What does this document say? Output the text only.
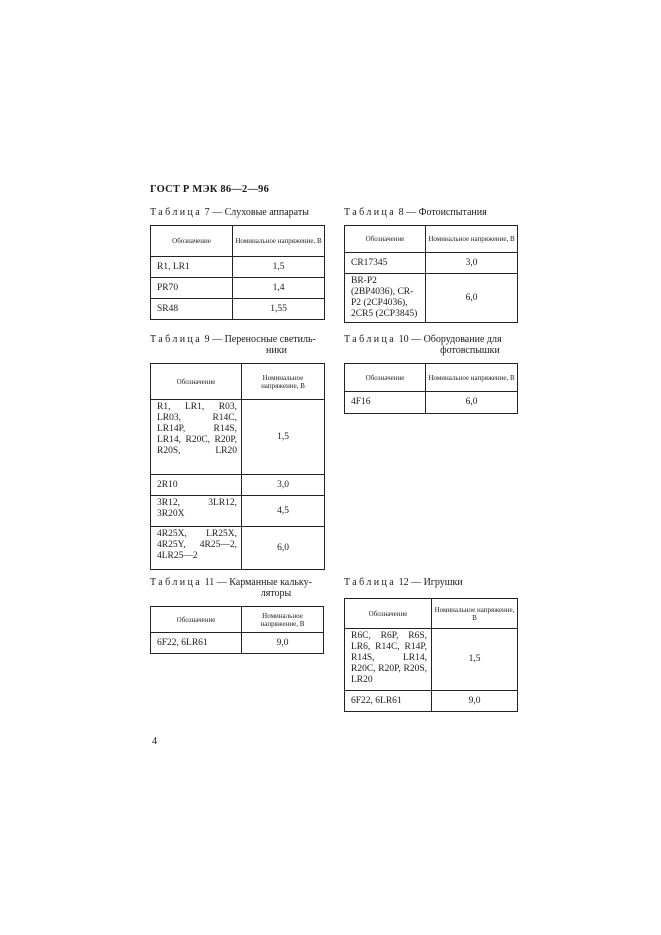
ГОСТ Р МЭК 86—2—96
Таблица 7 — Слуховые аппараты
Обозначение	Номинальное напряжение, В
R1, LR1	1,5
PR70	1,4
SR48	1,55
Таблица 8 — Фотоиспытания
Обозначение	Номинальное напряжение, В
CR17345	3,0
BR-P2 (2BP4036), CR-P2 (2CP4036), 2CR5 (2CP3845)	6,0
Таблица 9 — Переносные светиль-
ники
Обозначение	Номинальное напряжение, В
R1, LR1, R03, LR03, R14C, LR14P, R14S, LR14, R20C, R20P, R20S, LR20	1,5
2R10	3,0
3R12, 3LR12, 3R20X	4,5
4R25X, LR25X, 4R25Y, 4R25—2, 4LR25—2	6,0
Таблица 10 — Оборудование для
фотовспышки
Обозначение	Номинальное напряжение, В
4F16	6,0
Таблица 11 — Карманные кальку-
ляторы
Обозначение	Номинальное напряжение, В
6F22, 6LR61	9,0
Таблица 12 — Игрушки
Обозначение	Номинальное напряжение, В
R6C, R6P, R6S, LR6, R14C, R14P, R14S, LR14, R20C, R20P, R20S, LR20	1,5
6F22, 6LR61	9,0
4
